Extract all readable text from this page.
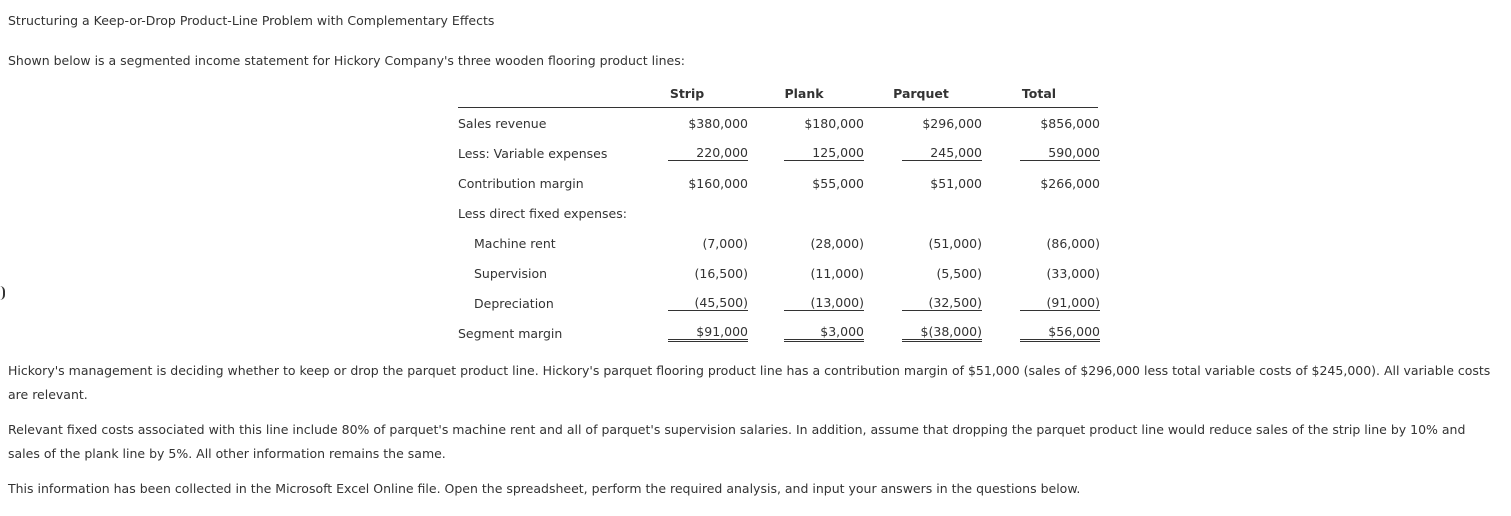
Structuring a Keep-or-Drop Product-Line Problem with Complementary Effects
Shown below is a segmented income statement for Hickory Company's three wooden flooring product lines:
	Strip	Plank	Parquet	Total
Sales revenue	$380,000	$180,000	$296,000	$856,000
Less: Variable expenses	220,000	125,000	245,000	590,000
Contribution margin	$160,000	$55,000	$51,000	$266,000
Less direct fixed expenses:				
Machine rent	(7,000)	(28,000)	(51,000)	(86,000)
Supervision	(16,500)	(11,000)	(5,500)	(33,000)
Depreciation	(45,500)	(13,000)	(32,500)	(91,000)
Segment margin	$91,000	$3,000	$(38,000)	$56,000
Hickory's management is deciding whether to keep or drop the parquet product line. Hickory's parquet flooring product line has a contribution margin of $51,000 (sales of $296,000 less total variable costs of $245,000). All variable costs are relevant.
Relevant fixed costs associated with this line include 80% of parquet's machine rent and all of parquet's supervision salaries. In addition, assume that dropping the parquet product line would reduce sales of the strip line by 10% and sales of the plank line by 5%. All other information remains the same.
This information has been collected in the Microsoft Excel Online file. Open the spreadsheet, perform the required analysis, and input your answers in the questions below.
